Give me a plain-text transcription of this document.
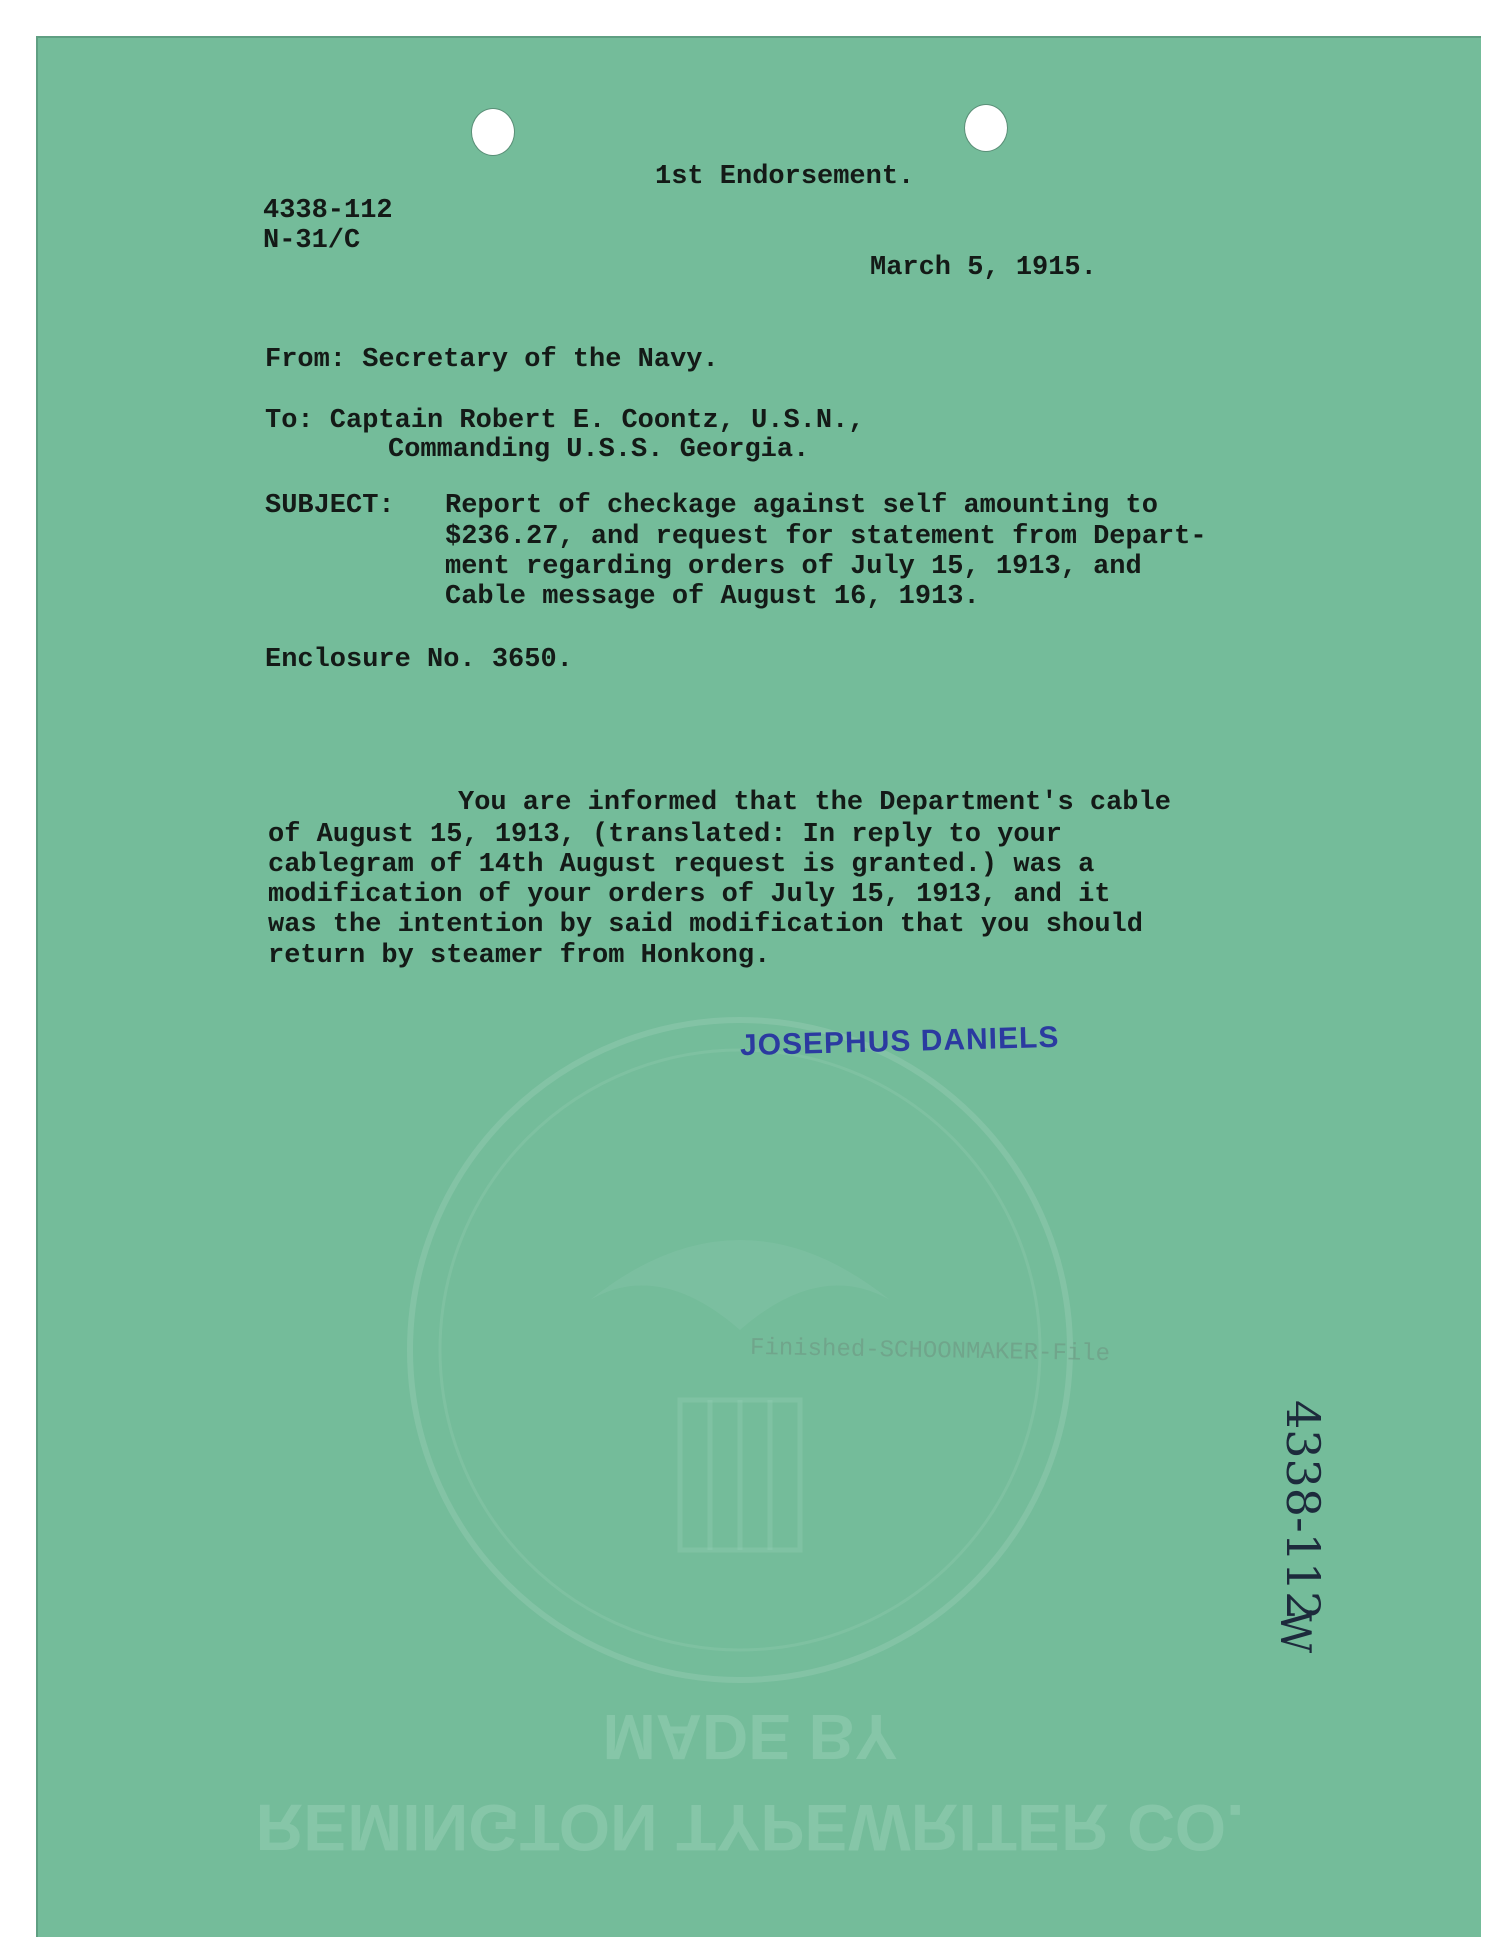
MADE BY
REMINGTON TYPEWRITER CO.

1st Endorsement.

4338-112

N-31/C

March 5, 1915.

From: Secretary of the Navy.

To: Captain Robert E. Coontz, U.S.N.,

Commanding U.S.S. Georgia.

SUBJECT: Report of checkage against self amounting to

$236.27, and request for statement from Depart-

ment regarding orders of July 15, 1913, and

Cable message of August 16, 1913.

Enclosure No. 3650.

You are informed that the Department's cable

of August 15, 1913, (translated: In reply to your

cablegram of 14th August request is granted.) was a

modification of your orders of July 15, 1913, and it

was the intention by said modification that you should

return by steamer from Honkong.

JOSEPHUS DANIELS
Finished-SCHOONMAKER-File
4338-112
W
